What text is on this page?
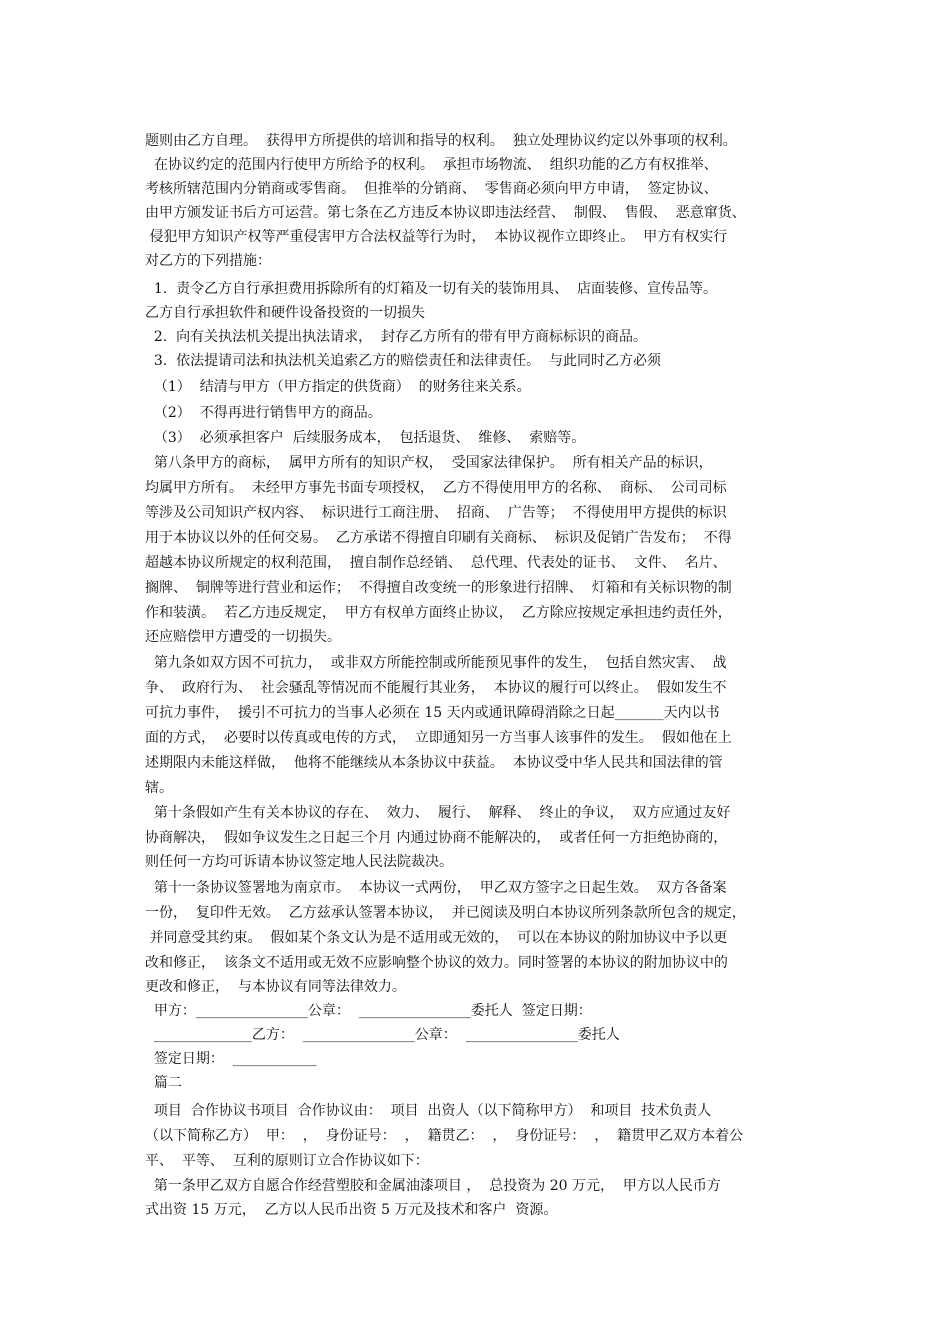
题则由乙方自理。  获得甲方所提供的培训和指导的权利。  独立处理协议约定以外事项的权利。
在协议约定的范围内行使甲方所给予的权利。  承担市场物流、  组织功能的乙方有权推举、
考核所辖范围内分销商或零售商。  但推举的分销商、  零售商必须向甲方申请，  签定协议、
由甲方颁发证书后方可运营。第七条在乙方违反本协议即违法经营、  制假、  售假、  恶意窜货、
侵犯甲方知识产权等严重侵害甲方合法权益等行为时，  本协议视作立即终止。  甲方有权实行
对乙方的下列措施：
1.  责令乙方自行承担费用拆除所有的灯箱及一切有关的装饰用具、  店面装修、宣传品等。
乙方自行承担软件和硬件设备投资的一切损失
2.  向有关执法机关提出执法请求，  封存乙方所有的带有甲方商标标识的商品。
3.  依法提请司法和执法机关追索乙方的赔偿责任和法律责任。  与此同时乙方必须
（1）  结清与甲方（甲方指定的供货商）  的财务往来关系。
（2）  不得再进行销售甲方的商品。
（3）  必须承担客户  后续服务成本，  包括退货、  维修、  索赔等。
第八条甲方的商标，  属甲方所有的知识产权，  受国家法律保护。  所有相关产品的标识，
均属甲方所有。  未经甲方事先书面专项授权，  乙方不得使用甲方的名称、  商标、  公司司标
等涉及公司知识产权内容、  标识进行工商注册、  招商、  广告等；  不得使用甲方提供的标识
用于本协议以外的任何交易。  乙方承诺不得擅自印刷有关商标、  标识及促销广告发布；  不得
超越本协议所规定的权利范围，  擅自制作总经销、  总代理、代表处的证书、  文件、  名片、
搁牌、  铜牌等进行营业和运作；  不得擅自改变统一的形象进行招牌、  灯箱和有关标识物的制
作和装潢。  若乙方违反规定，  甲方有权单方面终止协议，  乙方除应按规定承担违约责任外，
还应赔偿甲方遭受的一切损失。
第九条如双方因不可抗力，  或非双方所能控制或所能预见事件的发生，  包括自然灾害、  战
争、  政府行为、  社会骚乱等情况而不能履行其业务，  本协议的履行可以终止。  假如发生不
可抗力事件，  援引不可抗力的当事人必须在 15 天内或通讯障碍消除之日起_______天内以书
面的方式，  必要时以传真或电传的方式，  立即通知另一方当事人该事件的发生。  假如他在上
述期限内未能这样做，  他将不能继续从本条协议中获益。  本协议受中华人民共和国法律的管
辖。
第十条假如产生有关本协议的存在、  效力、  履行、  解释、  终止的争议，  双方应通过友好
协商解决，  假如争议发生之日起三个月 内通过协商不能解决的，  或者任何一方拒绝协商的，
则任何一方均可诉请本协议签定地人民法院裁决。
第十一条协议签署地为南京市。  本协议一式两份，  甲乙双方签字之日起生效。  双方各备案
一份，  复印件无效。  乙方兹承认签署本协议，  并已阅读及明白本协议所列条款所包含的规定，
并同意受其约束。  假如某个条文认为是不适用或无效的，  可以在本协议的附加协议中予以更
改和修正，  该条文不适用或无效不应影响整个协议的效力。同时签署的本协议的附加协议中的
更改和修正，  与本协议有同等法律效力。
甲方：________________公章：  ________________委托人  签定日期：
______________乙方：  ________________公章：  ________________委托人
签定日期：  ____________
篇二
项目  合作协议书项目  合作协议由：  项目  出资人（以下简称甲方）  和项目  技术负责人
（以下简称乙方）  甲：  ，  身份证号：  ，  籍贯乙：  ，  身份证号：  ，  籍贯甲乙双方本着公
平、  平等、  互利的原则订立合作协议如下：
第一条甲乙双方自愿合作经营塑胶和金属油漆项目 ，  总投资为 20 万元，  甲方以人民币方
式出资 15 万元，  乙方以人民币出资 5 万元及技术和客户  资源。
